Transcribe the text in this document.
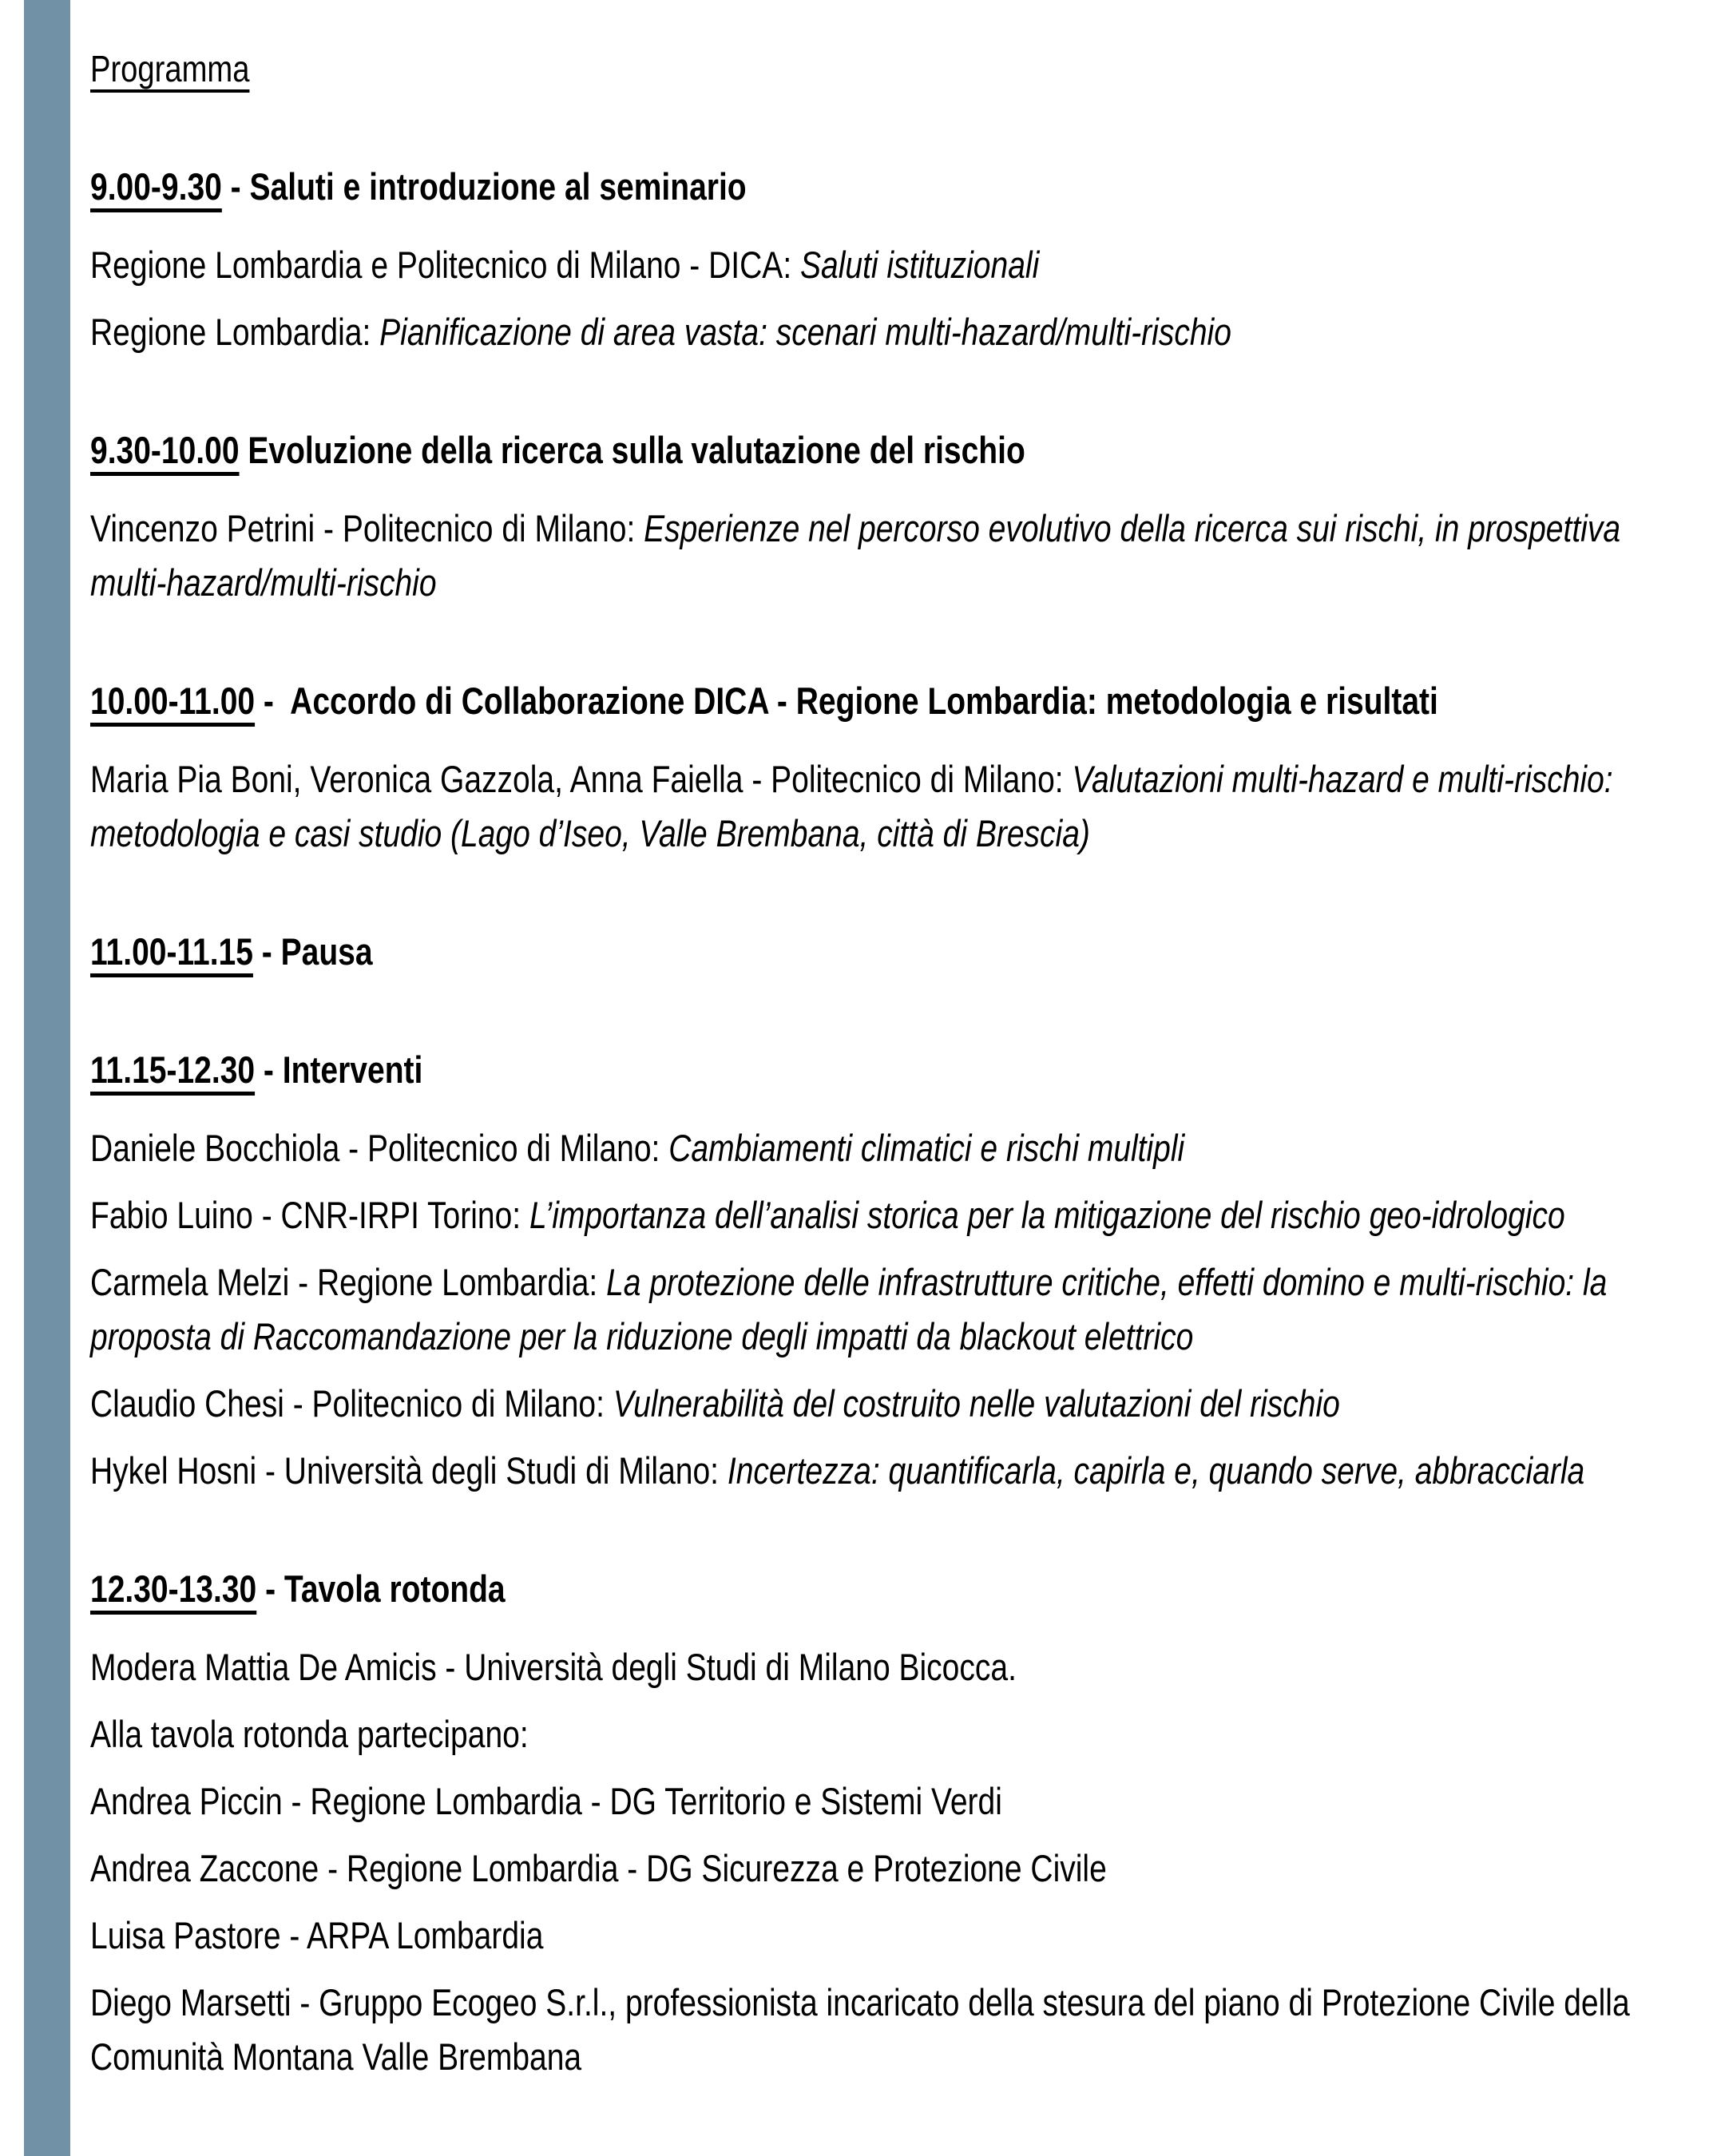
Programma
9.00-9.30 - Saluti e introduzione al seminario

Regione Lombardia e Politecnico di Milano - DICA: Saluti istituzionali

Regione Lombardia: Pianificazione di area vasta: scenari multi-hazard/multi-rischio

9.30-10.00 Evoluzione della ricerca sulla valutazione del rischio

Vincenzo Petrini - Politecnico di Milano: Esperienze nel percorso evolutivo della ricerca sui rischi, in prospettiva multi-hazard/multi-rischio

10.00-11.00 -  Accordo di Collaborazione DICA - Regione Lombardia: metodologia e risultati

Maria Pia Boni, Veronica Gazzola, Anna Faiella - Politecnico di Milano: Valutazioni multi-hazard e multi-rischio: metodologia e casi studio (Lago d’Iseo, Valle Brembana, città di Brescia)

11.00-11.15 - Pausa
11.15-12.30 - Interventi

Daniele Bocchiola - Politecnico di Milano: Cambiamenti climatici e rischi multipli

Fabio Luino - CNR-IRPI Torino: L’importanza dell’analisi storica per la mitigazione del rischio geo-idrologico

Carmela Melzi - Regione Lombardia: La protezione delle infrastrutture critiche, effetti domino e multi-rischio: la proposta di Raccomandazione per la riduzione degli impatti da blackout elettrico

Claudio Chesi - Politecnico di Milano: Vulnerabilità del costruito nelle valutazioni del rischio

Hykel Hosni - Università degli Studi di Milano: Incertezza: quantificarla, capirla e, quando serve, abbracciarla

12.30-13.30 - Tavola rotonda

Modera Mattia De Amicis - Università degli Studi di Milano Bicocca.

Alla tavola rotonda partecipano:

Andrea Piccin - Regione Lombardia - DG Territorio e Sistemi Verdi

Andrea Zaccone - Regione Lombardia - DG Sicurezza e Protezione Civile

Luisa Pastore - ARPA Lombardia

Diego Marsetti - Gruppo Ecogeo S.r.l., professionista incaricato della stesura del piano di Protezione Civile della Comunità Montana Valle Brembana
